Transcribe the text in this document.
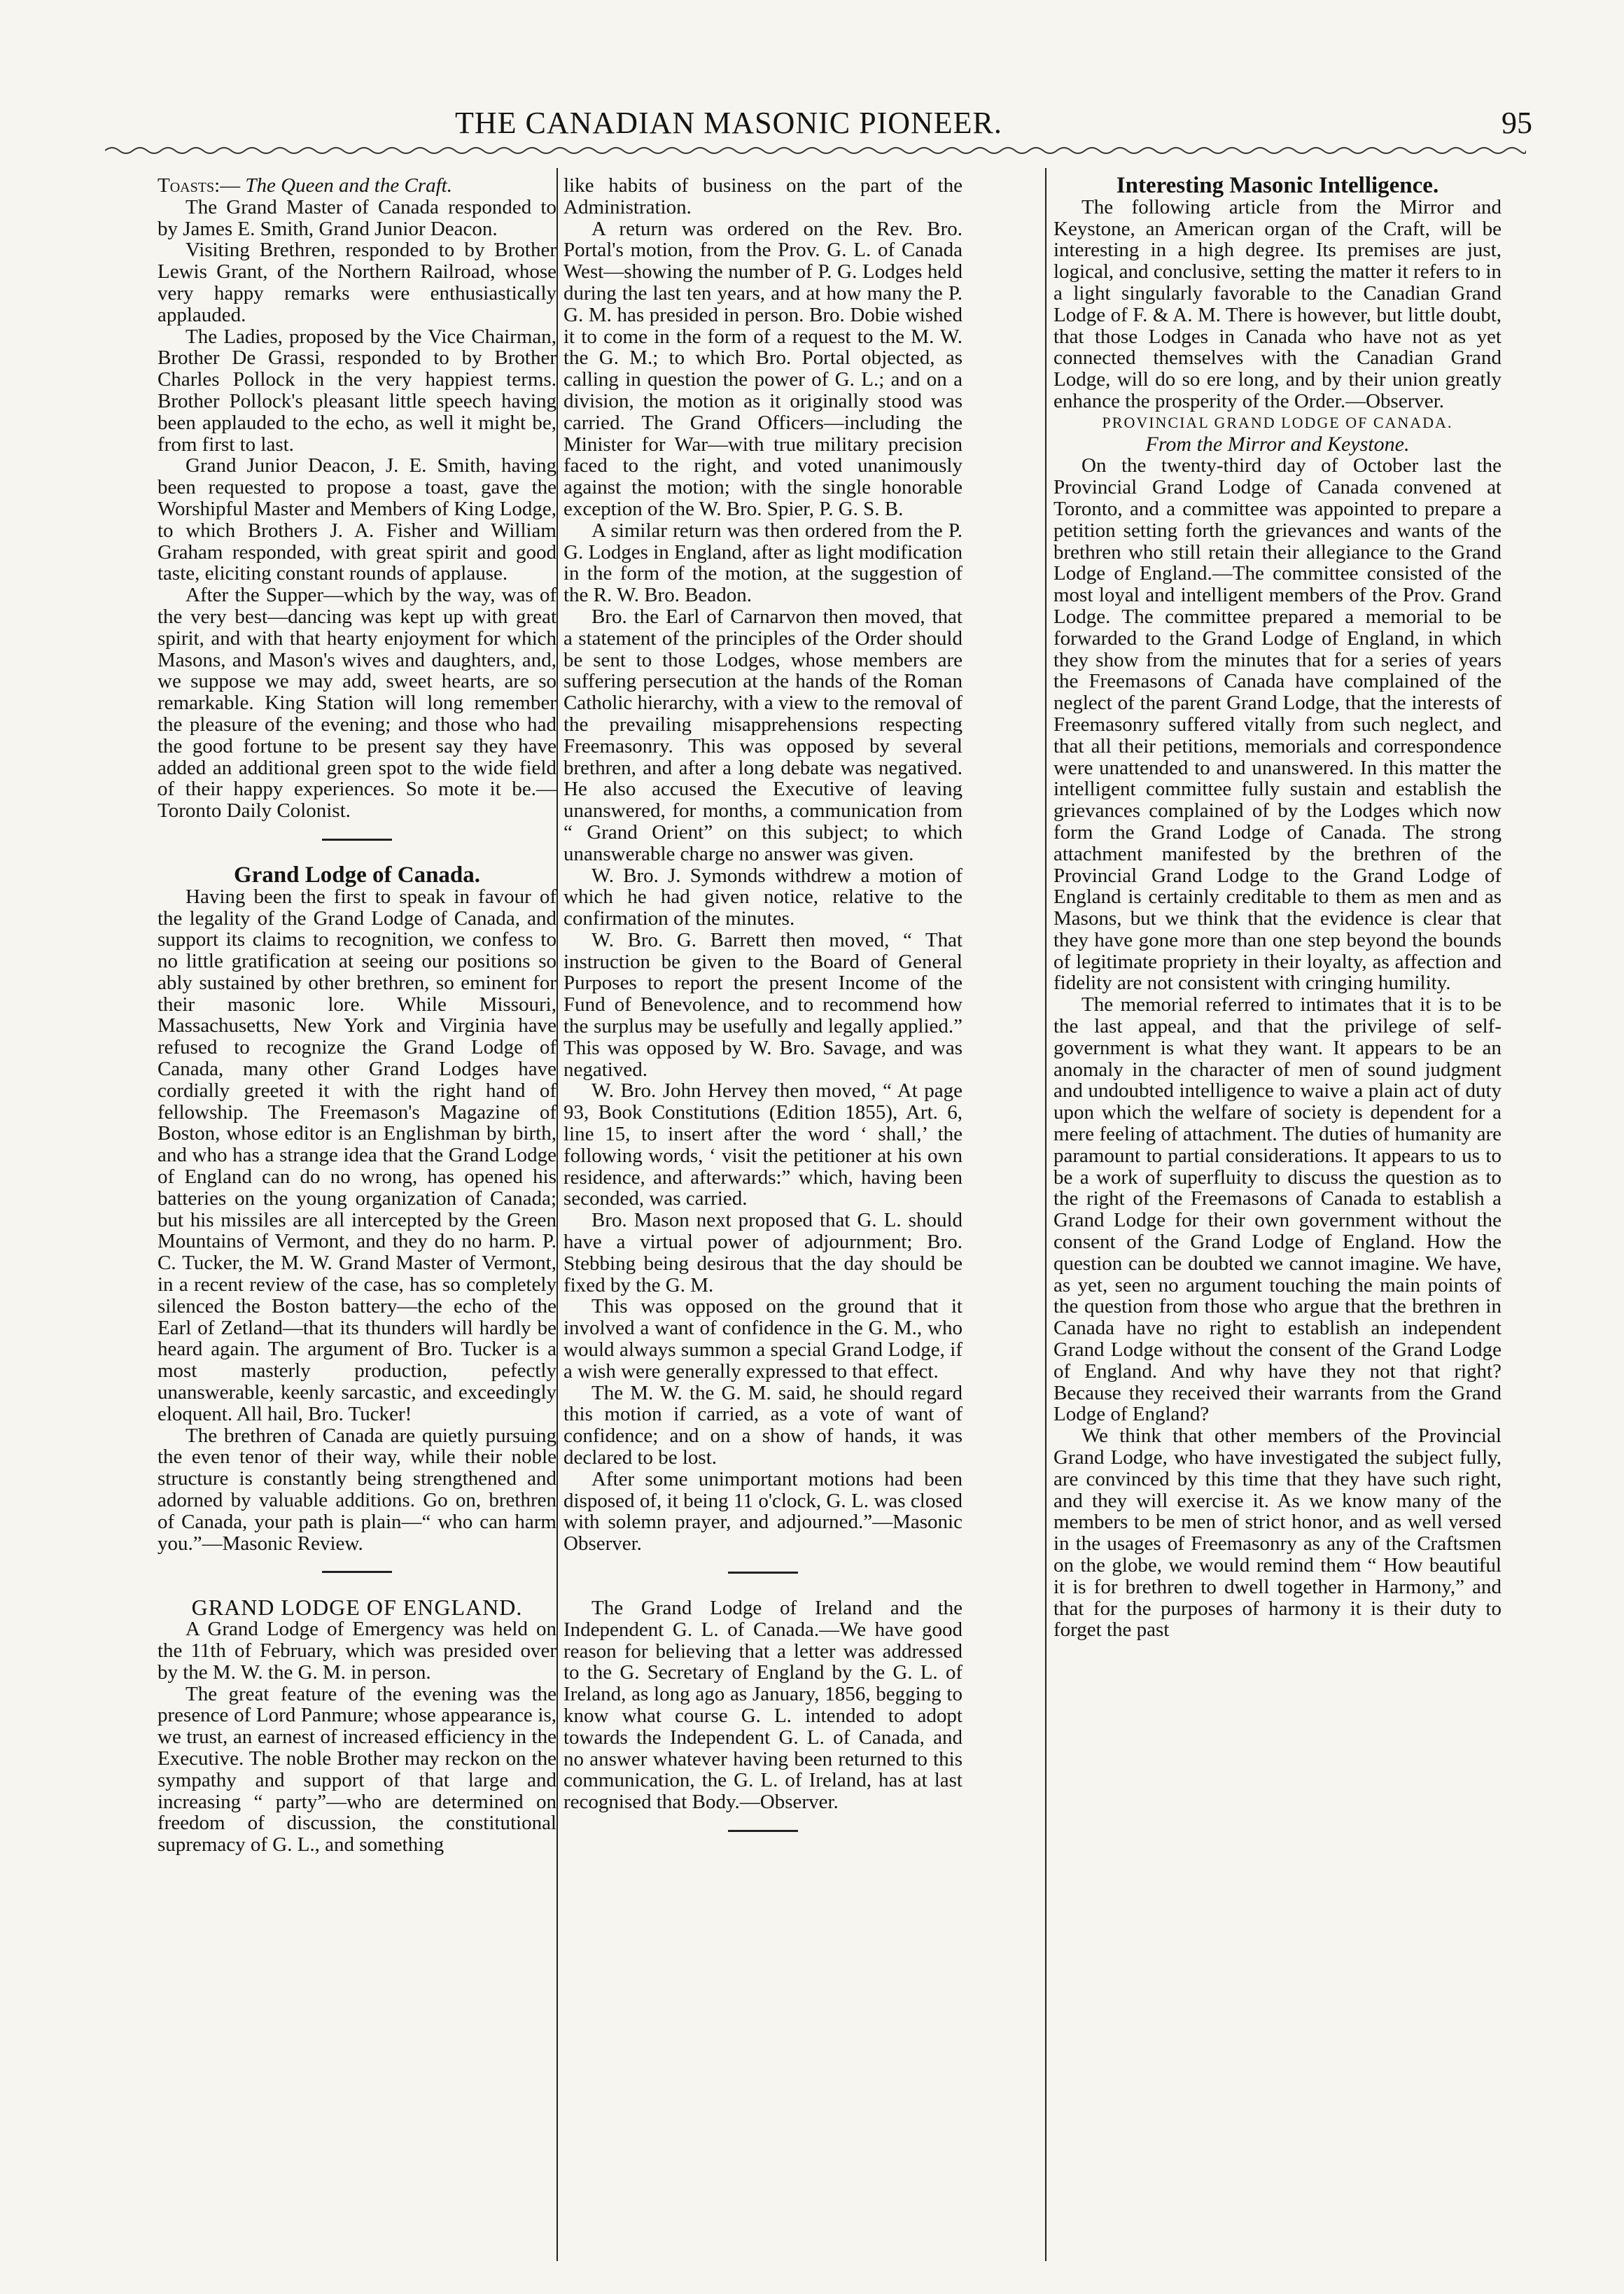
THE CANADIAN MASONIC PIONEER.	95

Toasts:— The Queen and the Craft.

The Grand Master of Canada responded to by James E. Smith, Grand Junior Deacon.

Visiting Brethren, responded to by Brother Lewis Grant, of the Northern Railroad, whose very happy remarks were enthusiastically applauded.

The Ladies, proposed by the Vice Chairman, Brother De Grassi, responded to by Brother Charles Pollock in the very happiest terms. Brother Pollock's pleasant little speech having been applauded to the echo, as well it might be, from first to last.

Grand Junior Deacon, J. E. Smith, having been requested to propose a toast, gave the Worshipful Master and Members of King Lodge, to which Brothers J. A. Fisher and William Graham responded, with great spirit and good taste, eliciting constant rounds of applause.

After the Supper—which by the way, was of the very best—dancing was kept up with great spirit, and with that hearty enjoyment for which Masons, and Mason's wives and daughters, and, we suppose we may add, sweet hearts, are so remarkable. King Station will long remember the pleasure of the evening; and those who had the good fortune to be present say they have added an additional green spot to the wide field of their happy experiences. So mote it be.—Toronto Daily Colonist.

Grand Lodge of Canada.

Having been the first to speak in favour of the legality of the Grand Lodge of Canada, and support its claims to recognition, we confess to no little gratification at seeing our positions so ably sustained by other brethren, so eminent for their masonic lore. While Missouri, Massachusetts, New York and Virginia have refused to recognize the Grand Lodge of Canada, many other Grand Lodges have cordially greeted it with the right hand of fellowship. The Freemason's Magazine of Boston, whose editor is an Englishman by birth, and who has a strange idea that the Grand Lodge of England can do no wrong, has opened his batteries on the young organization of Canada; but his missiles are all intercepted by the Green Mountains of Vermont, and they do no harm. P. C. Tucker, the M. W. Grand Master of Vermont, in a recent review of the case, has so completely silenced the Boston battery—the echo of the Earl of Zetland—that its thunders will hardly be heard again. The argument of Bro. Tucker is a most masterly production, pefectly unanswerable, keenly sarcastic, and exceedingly eloquent. All hail, Bro. Tucker!

The brethren of Canada are quietly pursuing the even tenor of their way, while their noble structure is constantly being strengthened and adorned by valuable additions. Go on, brethren of Canada, your path is plain—“ who can harm you.”—Masonic Review.

GRAND LODGE OF ENGLAND.

A Grand Lodge of Emergency was held on the 11th of February, which was presided over by the M. W. the G. M. in person.

The great feature of the evening was the presence of Lord Panmure; whose appearance is, we trust, an earnest of increased efficiency in the Executive. The noble Brother may reckon on the sympathy and support of that large and increasing “ party”—who are determined on freedom of discussion, the constitutional supremacy of G. L., and something

like habits of business on the part of the Administration.

A return was ordered on the Rev. Bro. Portal's motion, from the Prov. G. L. of Canada West—showing the number of P. G. Lodges held during the last ten years, and at how many the P. G. M. has presided in person. Bro. Dobie wished it to come in the form of a request to the M. W. the G. M.; to which Bro. Portal objected, as calling in question the power of G. L.; and on a division, the motion as it originally stood was carried. The Grand Officers—including the Minister for War—with true military precision faced to the right, and voted unanimously against the motion; with the single honorable exception of the W. Bro. Spier, P. G. S. B.

A similar return was then ordered from the P. G. Lodges in England, after as light modification in the form of the motion, at the suggestion of the R. W. Bro. Beadon.

Bro. the Earl of Carnarvon then moved, that a statement of the principles of the Order should be sent to those Lodges, whose members are suffering persecution at the hands of the Roman Catholic hierarchy, with a view to the removal of the prevailing misapprehensions respecting Freemasonry. This was opposed by several brethren, and after a long debate was negatived. He also accused the Executive of leaving unanswered, for months, a communication from “ Grand Orient” on this subject; to which unanswerable charge no answer was given.

W. Bro. J. Symonds withdrew a motion of which he had given notice, relative to the confirmation of the minutes.

W. Bro. G. Barrett then moved, “ That instruction be given to the Board of General Purposes to report the present Income of the Fund of Benevolence, and to recommend how the surplus may be usefully and legally applied.” This was opposed by W. Bro. Savage, and was negatived.

W. Bro. John Hervey then moved, “ At page 93, Book Constitutions (Edition 1855), Art. 6, line 15, to insert after the word ‘ shall,’ the following words, ‘ visit the petitioner at his own residence, and afterwards:” which, having been seconded, was carried.

Bro. Mason next proposed that G. L. should have a virtual power of adjournment; Bro. Stebbing being desirous that the day should be fixed by the G. M.

This was opposed on the ground that it involved a want of confidence in the G. M., who would always summon a special Grand Lodge, if a wish were generally expressed to that effect.

The M. W. the G. M. said, he should regard this motion if carried, as a vote of want of confidence; and on a show of hands, it was declared to be lost.

After some unimportant motions had been disposed of, it being 11 o'clock, G. L. was closed with solemn prayer, and adjourned.”—Masonic Observer.

The Grand Lodge of Ireland and the Independent G. L. of Canada.—We have good reason for believing that a letter was addressed to the G. Secretary of England by the G. L. of Ireland, as long ago as January, 1856, begging to know what course G. L. intended to adopt towards the Independent G. L. of Canada, and no answer whatever having been returned to this communication, the G. L. of Ireland, has at last recognised that Body.—Observer.

Interesting Masonic Intelligence.

The following article from the Mirror and Keystone, an American organ of the Craft, will be interesting in a high degree. Its premises are just, logical, and conclusive, setting the matter it refers to in a light singularly favorable to the Canadian Grand Lodge of F. & A. M. There is however, but little doubt, that those Lodges in Canada who have not as yet connected themselves with the Canadian Grand Lodge, will do so ere long, and by their union greatly enhance the prosperity of the Order.—Observer.

PROVINCIAL GRAND LODGE OF CANADA.

From the Mirror and Keystone.

On the twenty-third day of October last the Provincial Grand Lodge of Canada convened at Toronto, and a committee was appointed to prepare a petition setting forth the grievances and wants of the brethren who still retain their allegiance to the Grand Lodge of England.—The committee consisted of the most loyal and intelligent members of the Prov. Grand Lodge. The committee prepared a memorial to be forwarded to the Grand Lodge of England, in which they show from the minutes that for a series of years the Freemasons of Canada have complained of the neglect of the parent Grand Lodge, that the interests of Freemasonry suffered vitally from such neglect, and that all their petitions, memorials and correspondence were unattended to and unanswered. In this matter the intelligent committee fully sustain and establish the grievances complained of by the Lodges which now form the Grand Lodge of Canada. The strong attachment manifested by the brethren of the Provincial Grand Lodge to the Grand Lodge of England is certainly creditable to them as men and as Masons, but we think that the evidence is clear that they have gone more than one step beyond the bounds of legitimate propriety in their loyalty, as affection and fidelity are not consistent with cringing humility.

The memorial referred to intimates that it is to be the last appeal, and that the privilege of self-government is what they want. It appears to be an anomaly in the character of men of sound judgment and undoubted intelligence to waive a plain act of duty upon which the welfare of society is dependent for a mere feeling of attachment. The duties of humanity are paramount to partial considerations. It appears to us to be a work of superfluity to discuss the question as to the right of the Freemasons of Canada to establish a Grand Lodge for their own government without the consent of the Grand Lodge of England. How the question can be doubted we cannot imagine. We have, as yet, seen no argument touching the main points of the question from those who argue that the brethren in Canada have no right to establish an independent Grand Lodge without the consent of the Grand Lodge of England. And why have they not that right? Because they received their warrants from the Grand Lodge of England?

We think that other members of the Provincial Grand Lodge, who have investigated the subject fully, are convinced by this time that they have such right, and they will exercise it. As we know many of the members to be men of strict honor, and as well versed in the usages of Freemasonry as any of the Craftsmen on the globe, we would remind them “ How beautiful it is for brethren to dwell together in Harmony,” and that for the purposes of harmony it is their duty to forget the past
